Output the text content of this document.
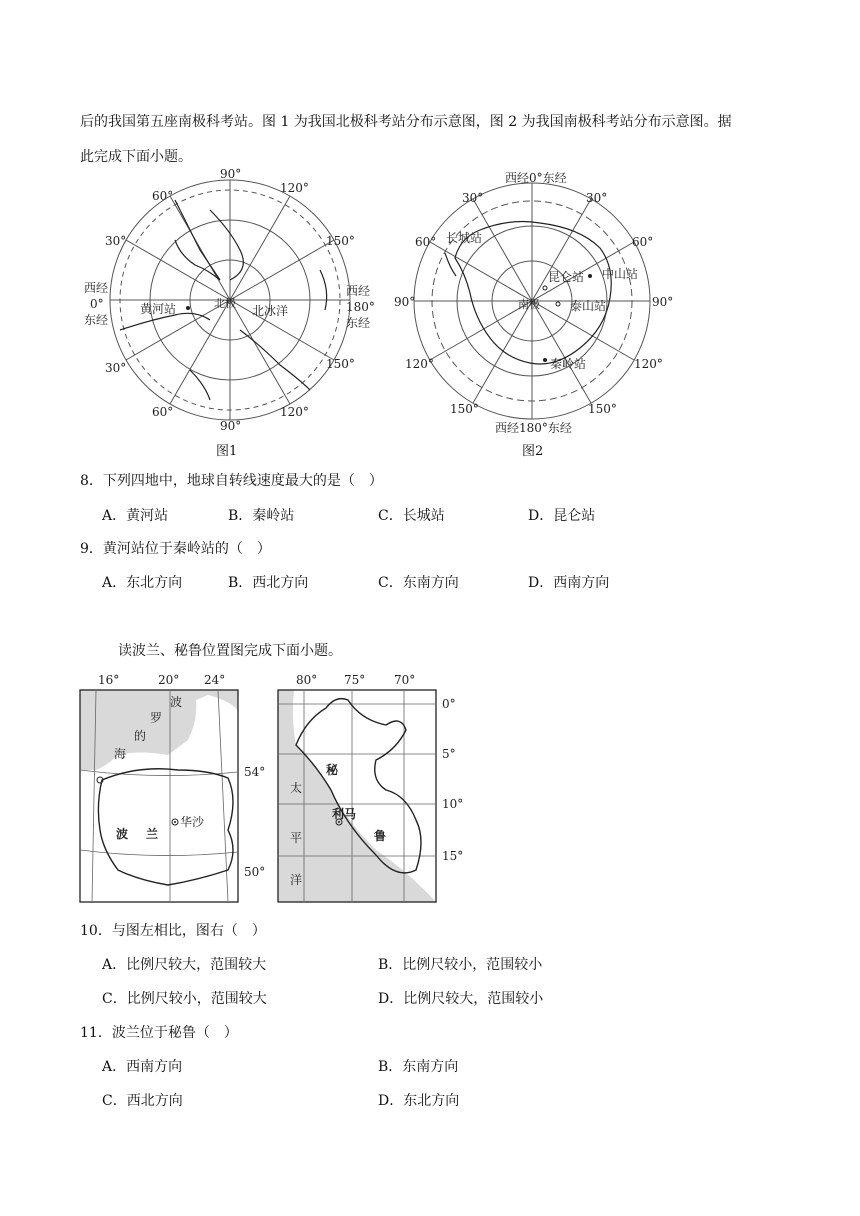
后的我国第五座南极科考站。图 1 为我国北极科考站分布示意图，图 2 为我国南极科考站分布示意图。据
此完成下面小题。
90°
120°
60°
150°
30°
西经
0°
东经
西经
180°
东经
30°	150°
60°	120°
90°
黄河站	北极
北冰洋
图1
西经0°东经
30°	30°
60°	60°
90°	90°
120°	120°
150°	150°
西经180°东经
长城站
昆仑站 中山站
泰山站
秦岭站
南极
图2
8．下列四地中，地球自转线速度最大的是（　）
A．黄河站	B．秦岭站	C．长城站	D．昆仑站
9．黄河站位于秦岭站的（　）
A．东北方向	B．西北方向	C．东南方向	D．西南方向
读波兰、秘鲁位置图完成下面小题。
16°	20° 24°
54°
50°
波
罗
的
海
波 兰
华沙
80° 75° 70°
0°
5°
10°
15°
秘
鲁
太
平
洋
利马
10．与图左相比，图右（　）
A．比例尺较大，范围较大	B．比例尺较小，范围较小
C．比例尺较小，范围较大	D．比例尺较大，范围较小
11．波兰位于秘鲁（　）
A．西南方向	B．东南方向
C．西北方向	D．东北方向
